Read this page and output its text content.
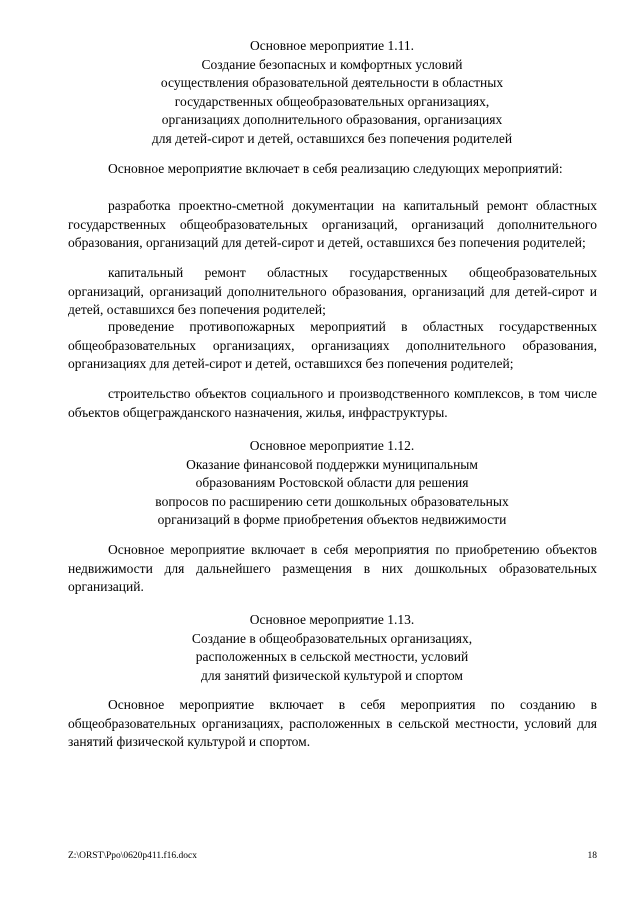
Основное мероприятие 1.11.
Создание безопасных и комфортных условий
осуществления образовательной деятельности в областных
государственных общеобразовательных организациях,
организациях дополнительного образования, организациях
для детей-сирот и детей, оставшихся без попечения родителей
Основное мероприятие включает в себя реализацию следующих мероприятий:
разработка проектно-сметной документации на капитальный ремонт областных государственных общеобразовательных организаций, организаций дополнительного образования, организаций для детей-сирот и детей, оставшихся без попечения родителей;
капитальный ремонт областных государственных общеобразовательных организаций, организаций дополнительного образования, организаций для детей-сирот и детей, оставшихся без попечения родителей;
проведение противопожарных мероприятий в областных государственных общеобразовательных организациях, организациях дополнительного образования, организациях для детей-сирот и детей, оставшихся без попечения родителей;
строительство объектов социального и производственного комплексов, в том числе объектов общегражданского назначения, жилья, инфраструктуры.
Основное мероприятие 1.12.
Оказание финансовой поддержки муниципальным
образованиям Ростовской области для решения
вопросов по расширению сети дошкольных образовательных
организаций в форме приобретения объектов недвижимости
Основное мероприятие включает в себя мероприятия по приобретению объектов недвижимости для дальнейшего размещения в них дошкольных образовательных организаций.
Основное мероприятие 1.13.
Создание в общеобразовательных организациях,
расположенных в сельской местности, условий
для занятий физической культурой и спортом
Основное мероприятие включает в себя мероприятия по созданию в общеобразовательных организациях, расположенных в сельской местности, условий для занятий физической культурой и спортом.
Z:\ORST\Ppo\0620p411.f16.docx	18
